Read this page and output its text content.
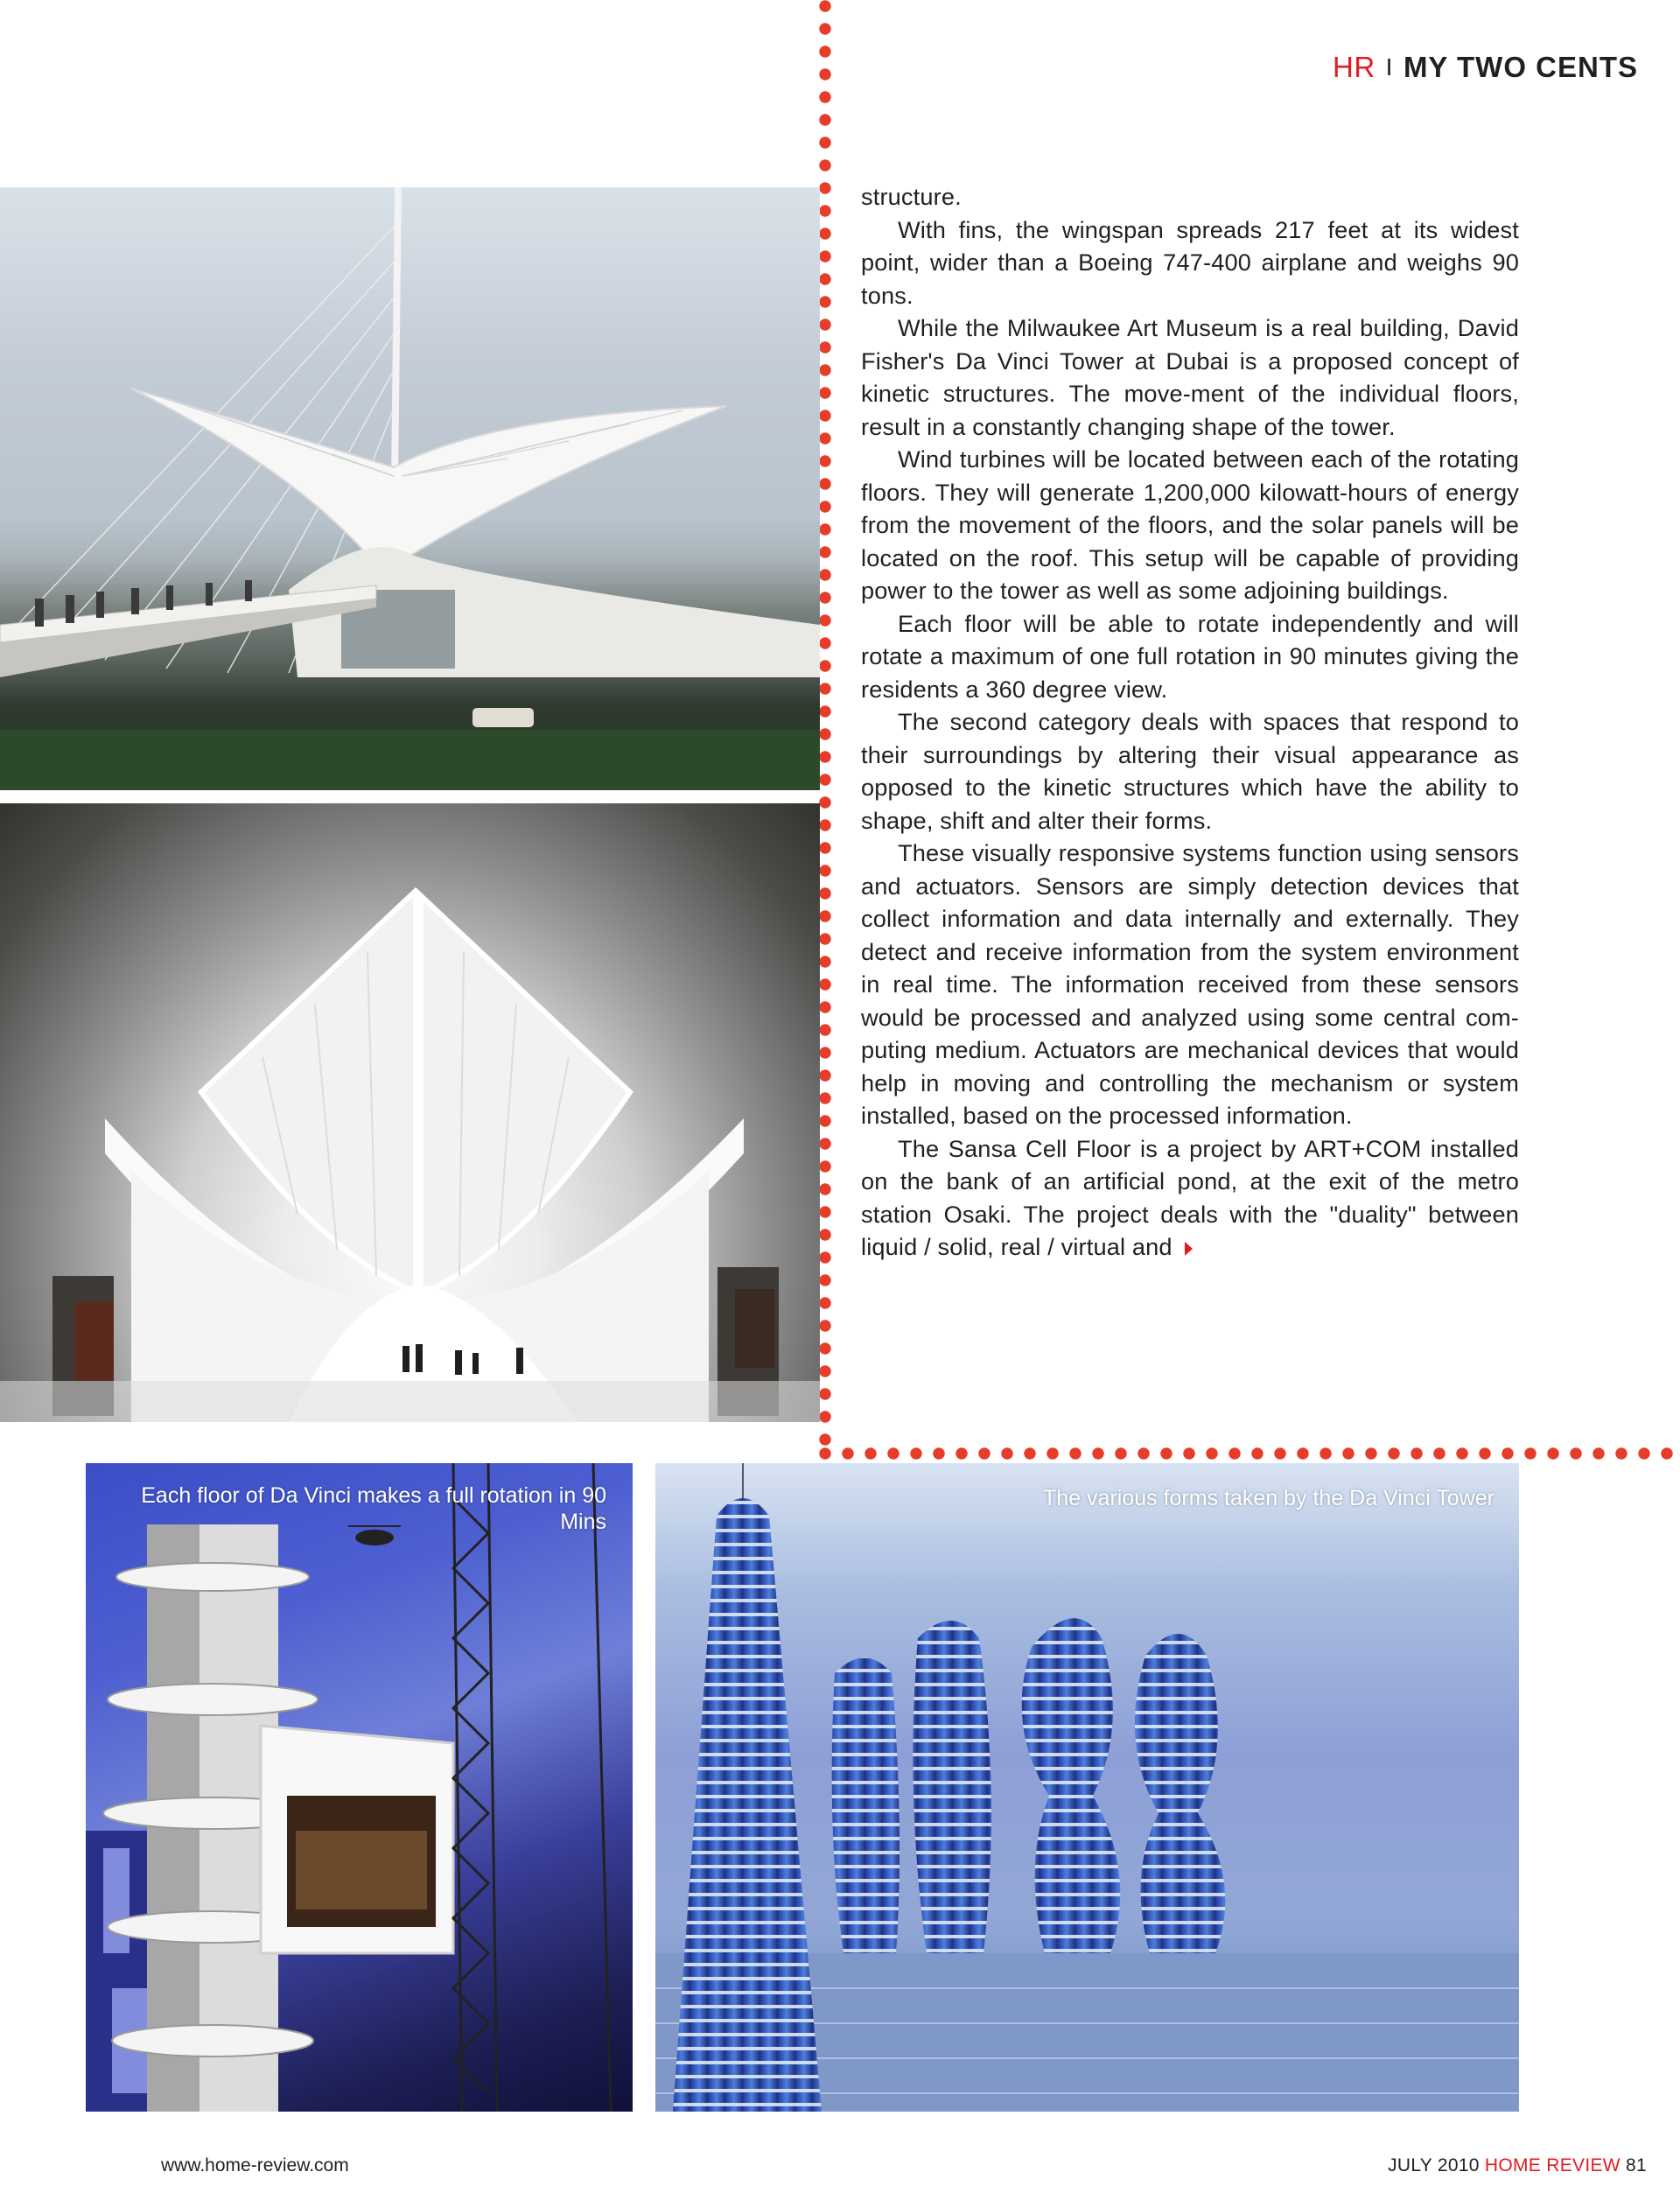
HR I MY TWO CENTS

structure.

With fins, the wingspan spreads 217 feet at its widest point, wider than a Boeing 747-400 airplane and weighs 90 tons.

While the Milwaukee Art Museum is a real building, David Fisher's Da Vinci Tower at Dubai is a proposed concept of kinetic structures. The move-ment of the individual floors, result in a constantly changing shape of the tower.

Wind turbines will be located between each of the rotating floors. They will generate 1,200,000 kilowatt-hours of energy from the movement of the floors, and the solar panels will be located on the roof. This setup will be capable of providing power to the tower as well as some adjoining buildings.

Each floor will be able to rotate independently and will rotate a maximum of one full rotation in 90 minutes giving the residents a 360 degree view.

The second category deals with spaces that respond to their surroundings by altering their visual appearance as opposed to the kinetic structures which have the ability to shape, shift and alter their forms.

These visually responsive systems function using sensors and actuators. Sensors are simply detection devices that collect information and data internally and externally. They detect and receive information from the system environment in real time. The information received from these sensors would be processed and analyzed using some central com-puting medium. Actuators are mechanical devices that would help in moving and controlling the mechanism or system installed, based on the processed information.

The Sansa Cell Floor is a project by ART+COM installed on the bank of an artificial pond, at the exit of the metro station Osaki. The project deals with the "duality" between liquid / solid, real / virtual and

Each floor of Da Vinci makes a full rotation in 90 Mins
The various forms taken by the Da Vinci Tower
www.home-review.com	JULY 2010 HOME REVIEW 81
